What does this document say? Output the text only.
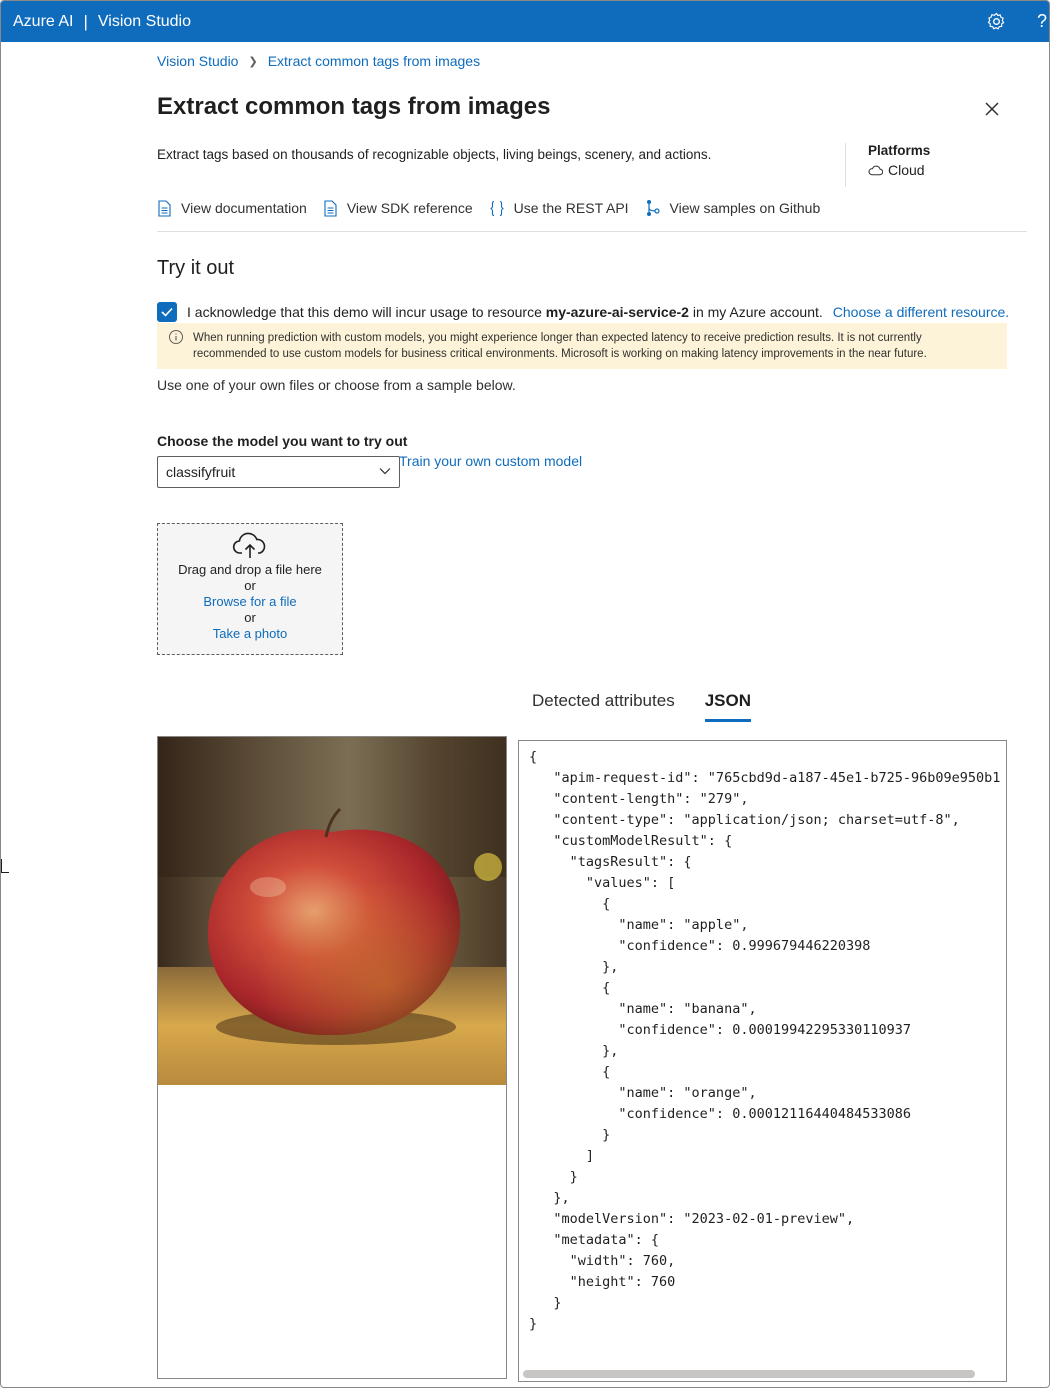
Azure AI | Vision Studio	?
Vision Studio ❯ Extract common tags from images
Extract common tags from images
Extract tags based on thousands of recognizable objects, living beings, scenery, and actions.	Platforms
Cloud
View documentation	View SDK reference	Use the REST API	View samples on Github
Try it out
I acknowledge that this demo will incur usage to resource
my-azure-ai-service-2
in my Azure account. Choose a different resource.
When running prediction with custom models, you might experience longer than expected latency to receive prediction results. It is not currently
recommended to use custom models for business critical environments. Microsoft is working on making latency improvements in the near future.
Use one of your own files or choose from a sample below.
Choose the model you want to try out
classifyfruit
Train your own custom model
Drag and drop a file here
or
Browse for a file
or
Take a photo
Detected attributes JSON
{
"apim-request-id": "765cbd9d-a187-45e1-b725-96b09e950b1
"content-length": "279",
"content-type": "application/json; charset=utf-8",
"customModelResult": {
"tagsResult": {
"values": [
{
"name": "apple",
"confidence": 0.999679446220398
},
{
"name": "banana",
"confidence": 0.00019942295330110937
},
{
"name": "orange",
"confidence": 0.00012116440484533086
}
]
}
},
"modelVersion": "2023-02-01-preview",
"metadata": {
"width": 760,
"height": 760
}
}
